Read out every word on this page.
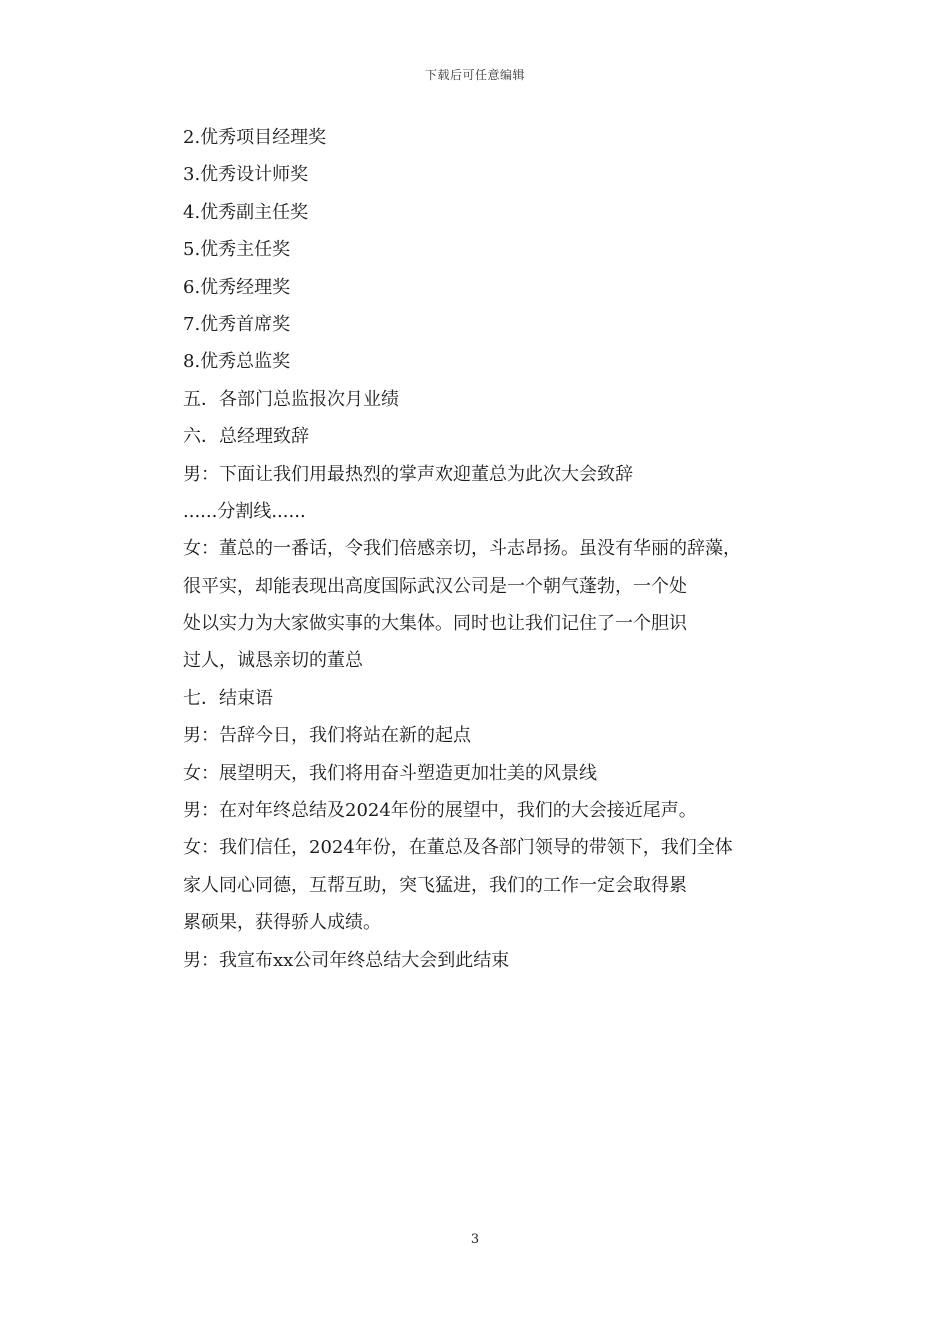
下载后可任意编辑
2.优秀项目经理奖
3.优秀设计师奖
4.优秀副主任奖
5.优秀主任奖
6.优秀经理奖
7.优秀首席奖
8.优秀总监奖
五．各部门总监报次月业绩
六．总经理致辞
男：下面让我们用最热烈的掌声欢迎董总为此次大会致辞
......分割线......
女：董总的一番话，令我们倍感亲切，斗志昂扬。虽没有华丽的辞藻，
很平实，却能表现出高度国际武汉公司是一个朝气蓬勃，一个处
处以实力为大家做实事的大集体。同时也让我们记住了一个胆识
过人，诚恳亲切的董总
七．结束语
男：告辞今日，我们将站在新的起点
女：展望明天，我们将用奋斗塑造更加壮美的风景线
男：在对年终总结及2024年份的展望中，我们的大会接近尾声。
女：我们信任，2024年份，在董总及各部门领导的带领下，我们全体
家人同心同德，互帮互助，突飞猛进，我们的工作一定会取得累
累硕果，获得骄人成绩。
男：我宣布xx公司年终总结大会到此结束
3
